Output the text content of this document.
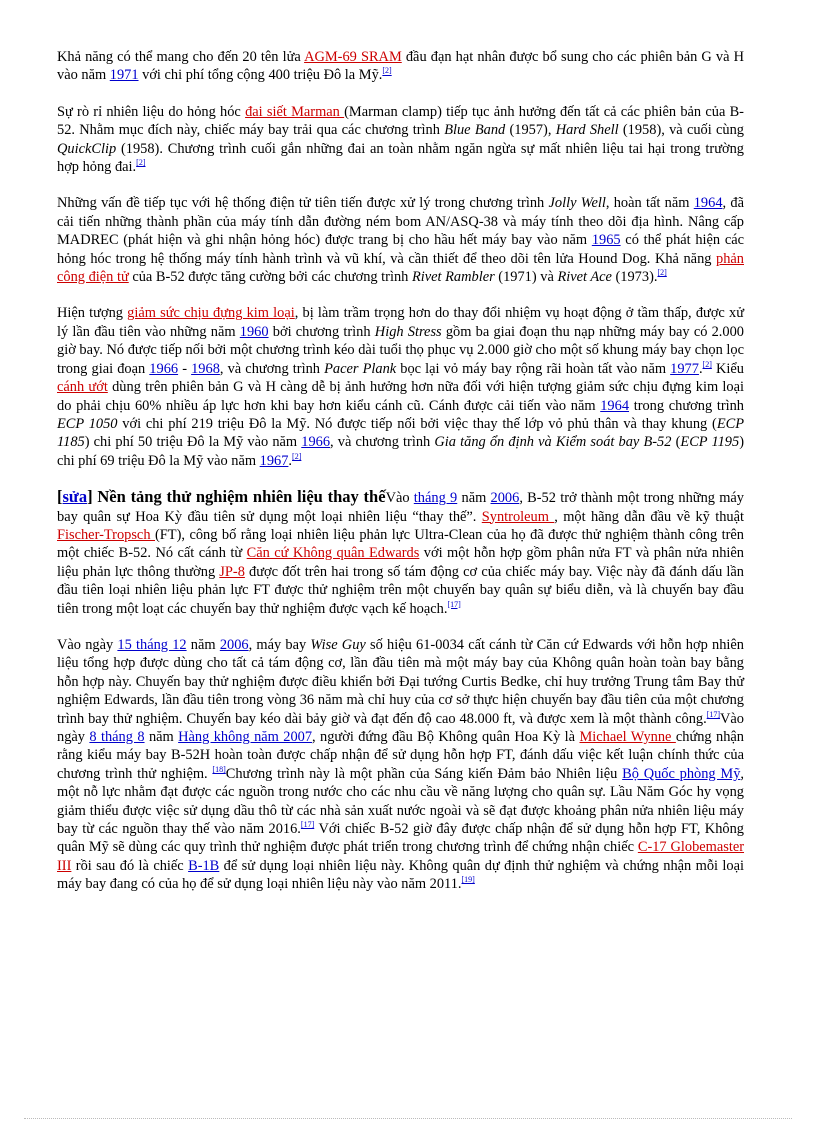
Khả năng có thể mang cho đến 20 tên lửa AGM-69 SRAM đầu đạn hạt nhân được bổ sung cho các phiên bản G và H vào năm 1971 với chi phí tổng cộng 400 triệu Đô la Mỹ.[2]

Sự rò rỉ nhiên liệu do hỏng hóc đai siết Marman (Marman clamp) tiếp tục ảnh hưởng đến tất cả các phiên bản của B-52. Nhằm mục đích này, chiếc máy bay trải qua các chương trình Blue Band (1957), Hard Shell (1958), và cuối cùng QuickClip (1958). Chương trình cuối gắn những đai an toàn nhằm ngăn ngừa sự mất nhiên liệu tai hại trong trường hợp hỏng đai.[2]

Những vấn đề tiếp tục với hệ thống điện tử tiên tiến được xử lý trong chương trình Jolly Well, hoàn tất năm 1964, đã cải tiến những thành phần của máy tính dẫn đường ném bom AN/ASQ-38 và máy tính theo dõi địa hình. Nâng cấp MADREC (phát hiện và ghi nhận hỏng hóc) được trang bị cho hầu hết máy bay vào năm 1965 có thể phát hiện các hỏng hóc trong hệ thống máy tính hành trình và vũ khí, và cần thiết để theo dõi tên lửa Hound Dog. Khả năng phản công điện tử của B-52 được tăng cường bởi các chương trình Rivet Rambler (1971) và Rivet Ace (1973).[2]

Hiện tượng giảm sức chịu đựng kim loại, bị làm trầm trọng hơn do thay đổi nhiệm vụ hoạt động ở tầm thấp, được xử lý lần đầu tiên vào những năm 1960 bởi chương trình High Stress gồm ba giai đoạn thu nạp những máy bay có 2.000 giờ bay. Nó được tiếp nối bởi một chương trình kéo dài tuổi thọ phục vụ 2.000 giờ cho một số khung máy bay chọn lọc trong giai đoạn 1966 - 1968, và chương trình Pacer Plank bọc lại vỏ máy bay rộng rãi hoàn tất vào năm 1977.[2] Kiểu cánh ướt dùng trên phiên bản G và H càng dễ bị ảnh hưởng hơn nữa đối với hiện tượng giảm sức chịu đựng kim loại do phải chịu 60% nhiều áp lực hơn khi bay hơn kiểu cánh cũ. Cánh được cải tiến vào năm 1964 trong chương trình ECP 1050 với chi phí 219 triệu Đô la Mỹ. Nó được tiếp nối bởi việc thay thế lớp vỏ phủ thân và thay khung (ECP 1185) chi phí 50 triệu Đô la Mỹ vào năm 1966, và chương trình Gia tăng ổn định và Kiểm soát bay B-52 (ECP 1195) chi phí 69 triệu Đô la Mỹ vào năm 1967.[2]

[sửa] Nền tảng thử nghiệm nhiên liệu thay thếVào tháng 9 năm 2006, B-52 trở thành một trong những máy bay quân sự Hoa Kỳ đầu tiên sử dụng một loại nhiên liệu “thay thế”. Syntroleum , một hãng dẫn đầu về kỹ thuật Fischer-Tropsch (FT), công bố rằng loại nhiên liệu phản lực Ultra-Clean của họ đã được thử nghiệm thành công trên một chiếc B-52. Nó cất cánh từ Căn cứ Không quân Edwards với một hỗn hợp gồm phân nửa FT và phân nửa nhiên liệu phản lực thông thường JP-8 được đốt trên hai trong số tám động cơ của chiếc máy bay. Việc này đã đánh dấu lần đầu tiên loại nhiên liệu phản lực FT được thử nghiệm trên một chuyến bay quân sự biểu diễn, và là chuyến bay đầu tiên trong một loạt các chuyến bay thử nghiệm được vạch kế hoạch.[17]

Vào ngày 15 tháng 12 năm 2006, máy bay Wise Guy số hiệu 61-0034 cất cánh từ Căn cứ Edwards với hỗn hợp nhiên liệu tổng hợp được dùng cho tất cả tám động cơ, lần đầu tiên mà một máy bay của Không quân hoàn toàn bay bằng hỗn hợp này. Chuyến bay thử nghiệm được điều khiển bởi Đại tướng Curtis Bedke, chỉ huy trưởng Trung tâm Bay thử nghiệm Edwards, lần đầu tiên trong vòng 36 năm mà chỉ huy của cơ sở thực hiện chuyến bay đầu tiên của một chương trình bay thử nghiệm. Chuyến bay kéo dài bảy giờ và đạt đến độ cao 48.000 ft, và được xem là một thành công.[17]Vào ngày 8 tháng 8 năm Hàng không năm 2007, người đứng đầu Bộ Không quân Hoa Kỳ là Michael Wynne chứng nhận rằng kiểu máy bay B-52H hoàn toàn được chấp nhận để sử dụng hỗn hợp FT, đánh dấu việc kết luận chính thức của chương trình thử nghiệm. [18]Chương trình này là một phần của Sáng kiến Đảm bảo Nhiên liệu Bộ Quốc phòng Mỹ, một nỗ lực nhằm đạt được các nguồn trong nước cho các nhu cầu về năng lượng cho quân sự. Lầu Năm Góc hy vọng giảm thiểu được việc sử dụng dầu thô từ các nhà sản xuất nước ngoài và sẽ đạt được khoảng phân nửa nhiên liệu máy bay từ các nguồn thay thế vào năm 2016.[17] Với chiếc B-52 giờ đây được chấp nhận để sử dụng hỗn hợp FT, Không quân Mỹ sẽ dùng các quy trình thử nghiệm được phát triển trong chương trình để chứng nhận chiếc C-17 Globemaster III rồi sau đó là chiếc B-1B để sử dụng loại nhiên liệu này. Không quân dự định thử nghiệm và chứng nhận mỗi loại máy bay đang có của họ để sử dụng loại nhiên liệu này vào năm 2011.[19]
